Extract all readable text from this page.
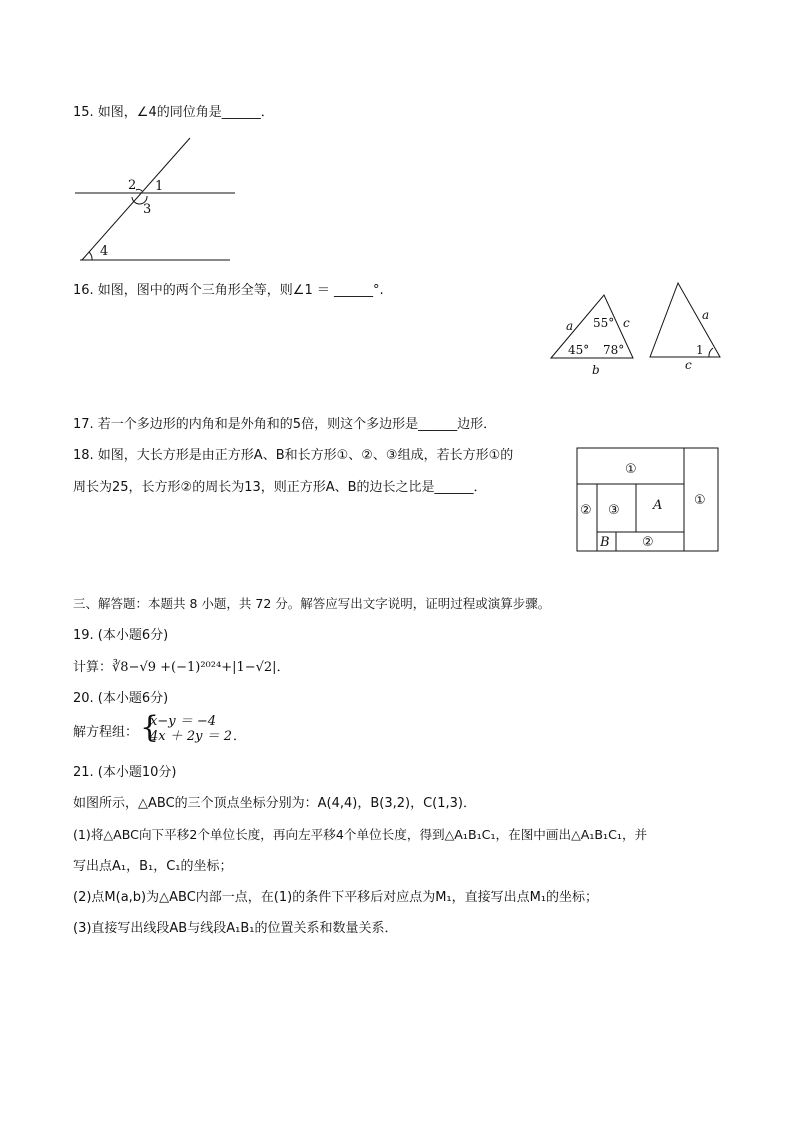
15. 如图，∠4的同位角是______．
2 1
3
4
16. 如图，图中的两个三角形全等，则∠1 ＝ ______°.
a	c
b
55°
45° 78°
a
c
1
17. 若一个多边形的内角和是外角和的5倍，则这个多边形是______边形．
18. 如图，大长方形是由正方形A、B和长方形①、②、③组成，若长方形①的
周长为25，长方形②的周长为13，则正方形A、B的边长之比是______．
①
①
② ③	A
B ②
三、解答题：本题共 8 小题，共 72 分。解答应写出文字说明，证明过程或演算步骤。
19. (本小题6分)
计算：∛8−√9 +(−1)²⁰²⁴+|1−√2|．
20. (本小题6分)
解方程组： {
x−y ＝ −4
4x ＋ 2y ＝ 2 ．
21. (本小题10分)
如图所示，△ABC的三个顶点坐标分别为：A(4,4)，B(3,2)，C(1,3)．
(1)将△ABC向下平移2个单位长度，再向左平移4个单位长度，得到△A₁B₁C₁，在图中画出△A₁B₁C₁，并
写出点A₁，B₁，C₁的坐标；
(2)点M(a,b)为△ABC内部一点，在(1)的条件下平移后对应点为M₁，直接写出点M₁的坐标；
(3)直接写出线段AB与线段A₁B₁的位置关系和数量关系．
